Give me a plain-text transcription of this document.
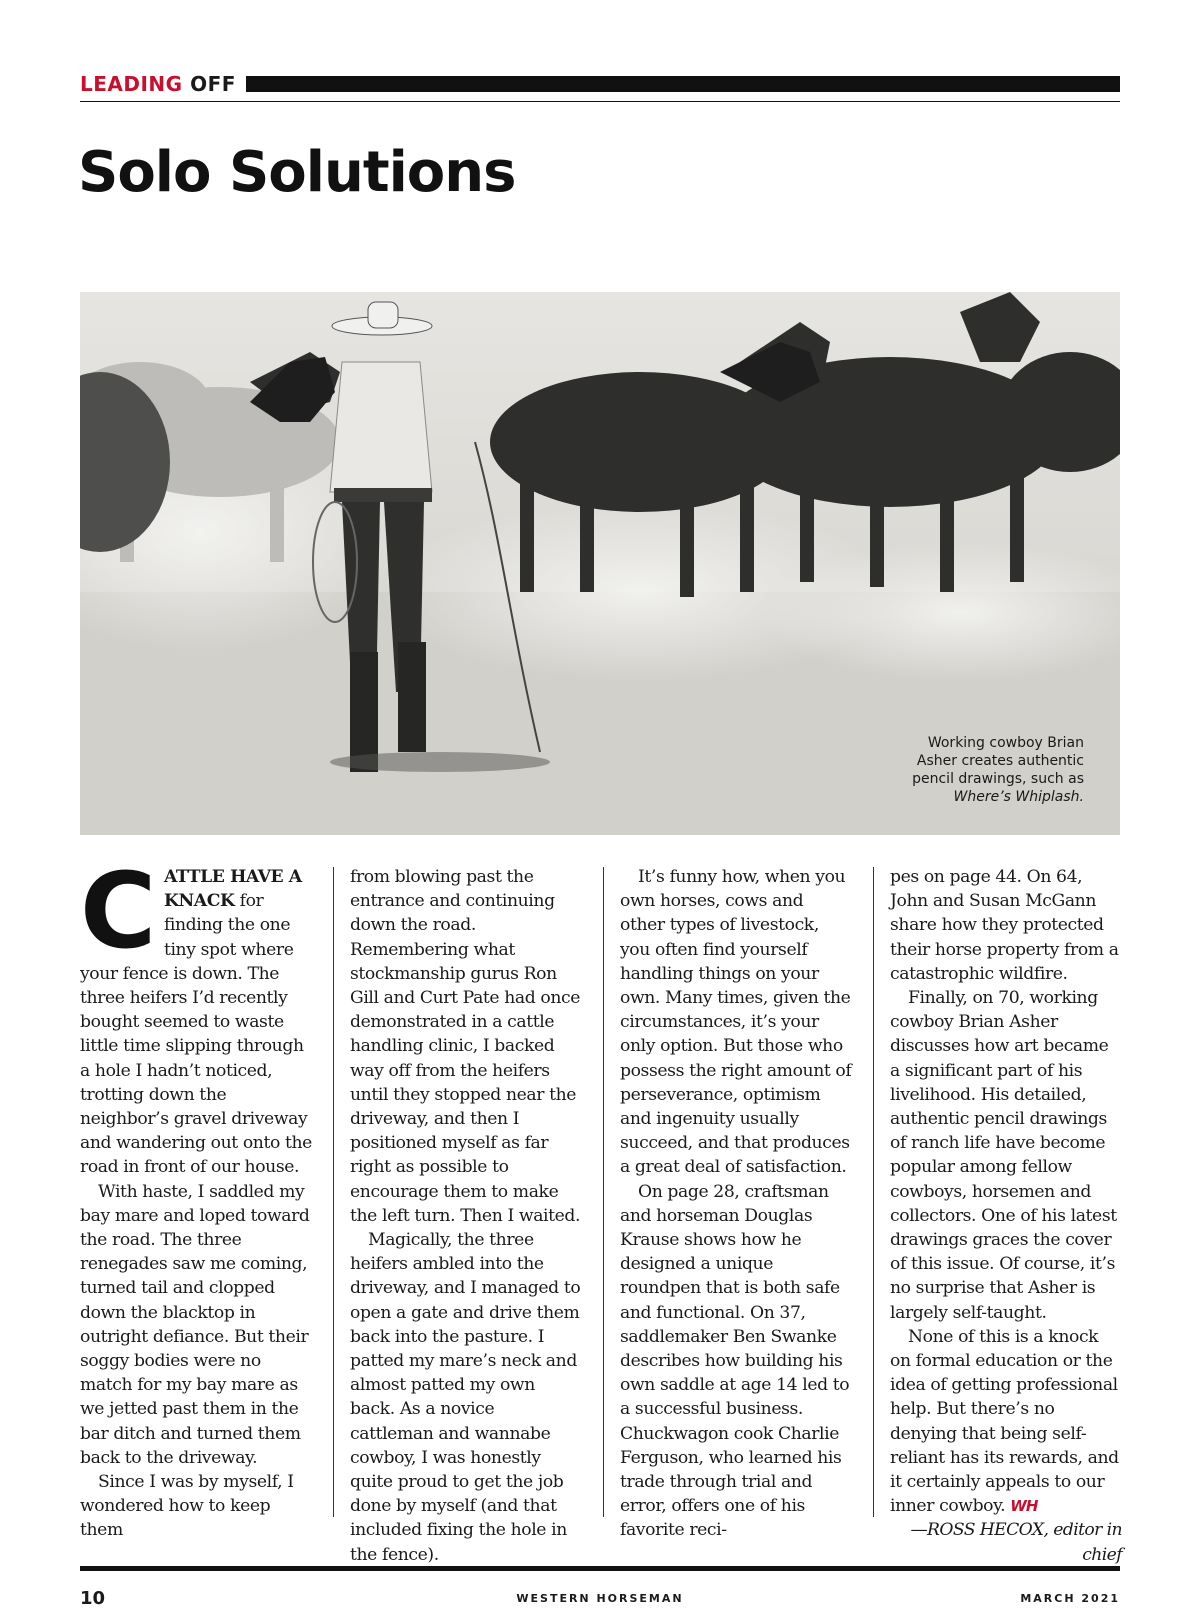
LEADING OFF
Solo Solutions
Working cowboy Brian Asher creates authentic pencil drawings, such as Where’s Whiplash.

CATTLE HAVE A KNACK for finding the one tiny spot where your fence is down. The three heifers I’d recently bought seemed to waste little time slipping through a hole I hadn’t noticed, trotting down the neighbor’s gravel driveway and wandering out onto the road in front of our house.

With haste, I saddled my bay mare and loped toward the road. The three renegades saw me coming, turned tail and clopped down the blacktop in outright defiance. But their soggy bodies were no match for my bay mare as we jetted past them in the bar ditch and turned them back to the driveway.

Since I was by myself, I wondered how to keep them

from blowing past the entrance and continuing down the road. Remembering what stockmanship gurus Ron Gill and Curt Pate had once demonstrated in a cattle handling clinic, I backed way off from the heifers until they stopped near the driveway, and then I positioned myself as far right as possible to encourage them to make the left turn. Then I waited.

Magically, the three heifers ambled into the driveway, and I managed to open a gate and drive them back into the pasture. I patted my mare’s neck and almost patted my own back. As a novice cattleman and wannabe cowboy, I was honestly quite proud to get the job done by myself (and that included fixing the hole in the fence).

It’s funny how, when you own horses, cows and other types of livestock, you often find yourself handling things on your own. Many times, given the circumstances, it’s your only option. But those who possess the right amount of perseverance, optimism and ingenuity usually succeed, and that produces a great deal of satisfaction.

On page 28, craftsman and horseman Douglas Krause shows how he designed a unique roundpen that is both safe and functional. On 37, saddlemaker Ben Swanke describes how building his own saddle at age 14 led to a successful business. Chuckwagon cook Charlie Ferguson, who learned his trade through trial and error, offers one of his favorite reci-

pes on page 44. On 64, John and Susan McGann share how they protected their horse property from a catastrophic wildfire.

Finally, on 70, working cowboy Brian Asher discusses how art became a significant part of his livelihood. His detailed, authentic pencil drawings of ranch life have become popular among fellow cowboys, horsemen and collectors. One of his latest drawings graces the cover of this issue. Of course, it’s no surprise that Asher is largely self-taught.

None of this is a knock on formal education or the idea of getting professional help. But there’s no denying that being self-reliant has its rewards, and it certainly appeals to our inner cowboy. WH

—ROSS HECOX, editor in chief

10	WESTERN HORSEMAN	MARCH 2021
